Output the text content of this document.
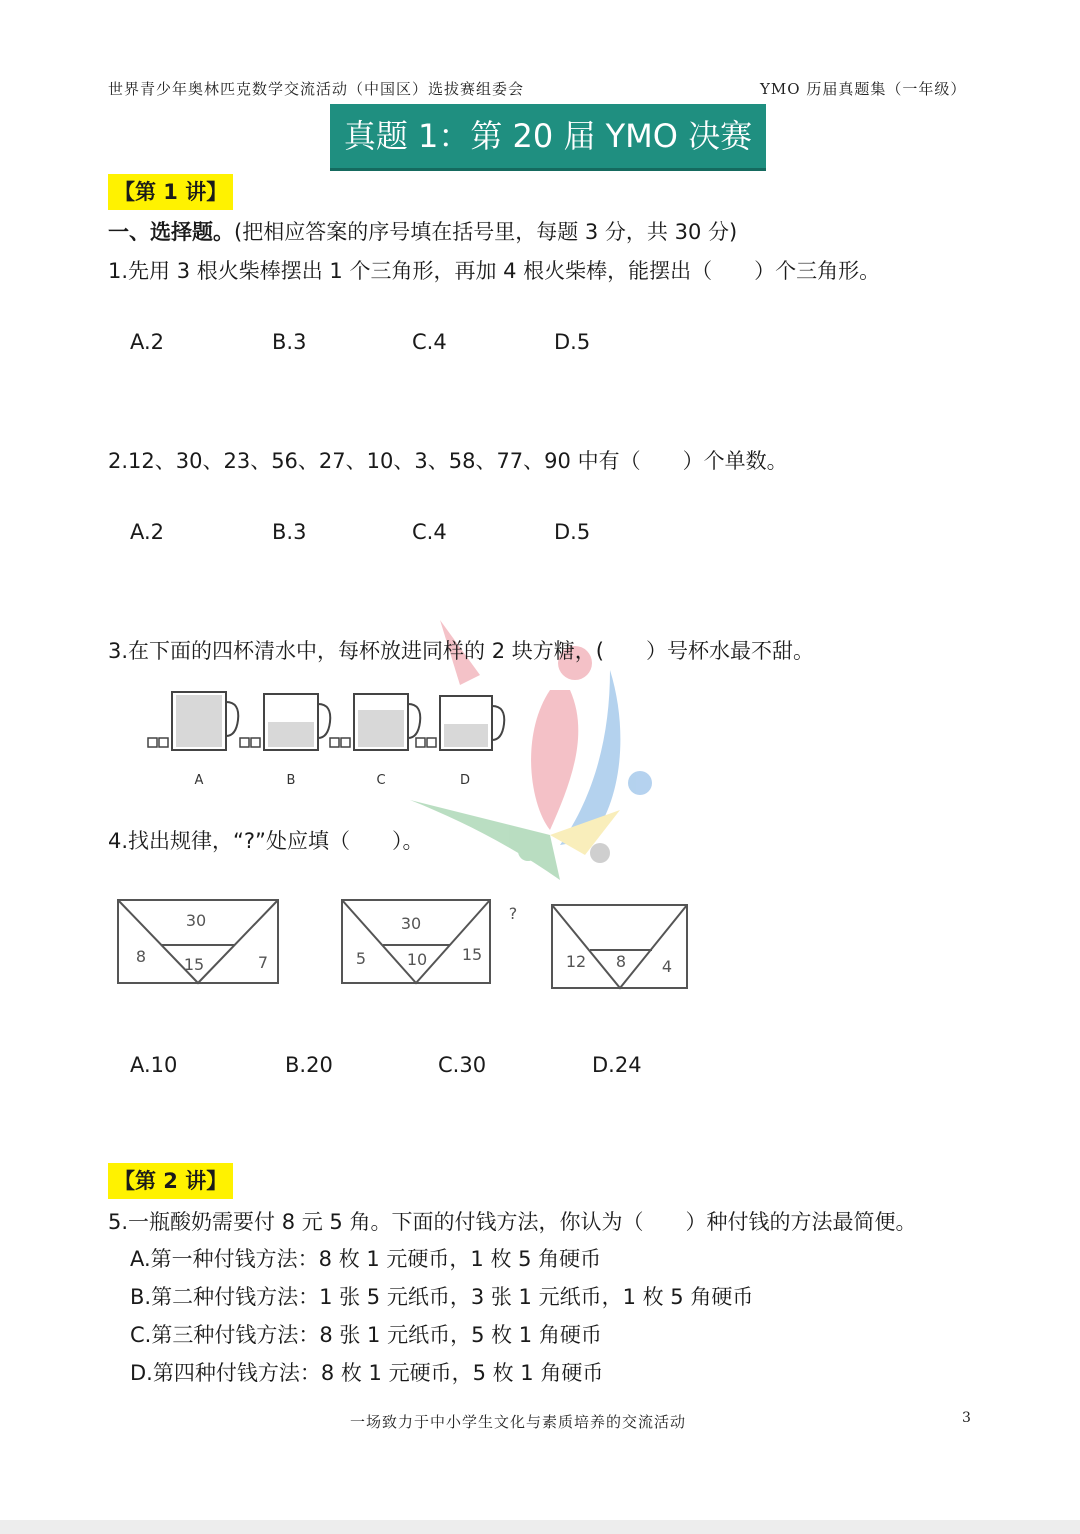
世界青少年奥林匹克数学交流活动（中国区）选拔赛组委会	YMO 历届真题集（一年级）
真题 1：第 20 届 YMO 决赛
【第 1 讲】
一、选择题。(把相应答案的序号填在括号里，每题 3 分，共 30 分)
1.先用 3 根火柴棒摆出 1 个三角形，再加 4 根火柴棒，能摆出（　　）个三角形。
A.2	B.3	C.4	D.5
2.12、30、23、56、27、10、3、58、77、90 中有（　　）个单数。
A.2	B.3	C.4	D.5
3.在下面的四杯清水中，每杯放进同样的 2 块方糖，(　　）号杯水最不甜。
A	B	C	D
4.找出规律，“?”处应填（　　）。
30
8 15	7
30
5	10 15
?
12 8 4
A.10	B.20	C.30	D.24
【第 2 讲】
5.一瓶酸奶需要付 8 元 5 角。下面的付钱方法，你认为（　　）种付钱的方法最简便。
A.第一种付钱方法：8 枚 1 元硬币，1 枚 5 角硬币
B.第二种付钱方法：1 张 5 元纸币，3 张 1 元纸币，1 枚 5 角硬币
C.第三种付钱方法：8 张 1 元纸币，5 枚 1 角硬币
D.第四种付钱方法：8 枚 1 元硬币，5 枚 1 角硬币
一场致力于中小学生文化与素质培养的交流活动	3
